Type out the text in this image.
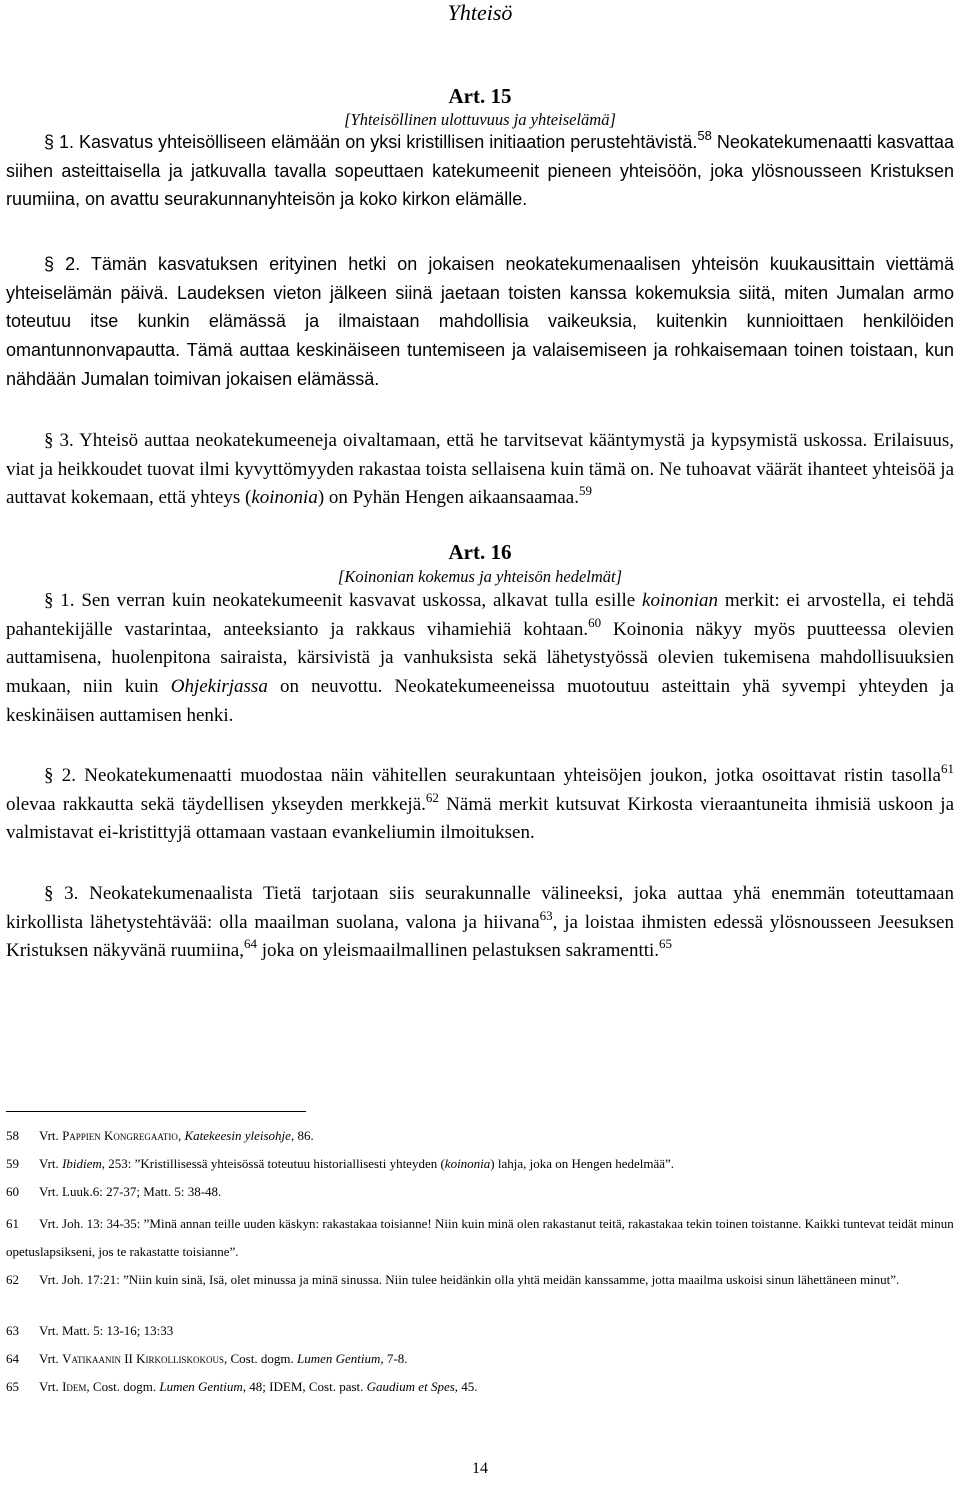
Yhteisö
Art. 15
[Yhteisöllinen ulottuvuus ja yhteiselämä]
§ 1. Kasvatus yhteisölliseen elämään on yksi kristillisen initiaation perustehtävistä.$^{58}$ Neokatekumenaatti kasvattaa siihen asteittaisella ja jatkuvalla tavalla sopeuttaen katekumeenit pieneen yhteisöön, joka ylösnousseen Kristuksen ruumiina, on avattu seurakunnanyhteisön ja koko kirkon elämälle.
§ 2. Tämän kasvatuksen erityinen hetki on jokaisen neokatekumenaalisen yhteisön kuukausittain viettämä yhteiselämän päivä. Laudeksen vieton jälkeen siinä jaetaan toisten kanssa kokemuksia siitä, miten Jumalan armo toteutuu itse kunkin elämässä ja ilmaistaan mahdollisia vaikeuksia, kuitenkin kunnioittaen henkilöiden omantunnonvapautta. Tämä auttaa keskinäiseen tuntemiseen ja valaisemiseen ja rohkaisemaan toinen toistaan, kun nähdään Jumalan toimivan jokaisen elämässä.
§ 3. Yhteisö auttaa neokatekumeeneja oivaltamaan, että he tarvitsevat kääntymystä ja kypsymistä uskossa. Erilaisuus, viat ja heikkoudet tuovat ilmi kyvyttömyyden rakastaa toista sellaisena kuin tämä on. Ne tuhoavat väärät ihanteet yhteisöä ja auttavat kokemaan, että yhteys (koinonia) on Pyhän Hengen aikaansaamaa.$^{59}$
Art. 16
[Koinonian kokemus ja yhteisön hedelmät]
§ 1. Sen verran kuin neokatekumeenit kasvavat uskossa, alkavat tulla esille koinonian merkit: ei arvostella, ei tehdä pahantekijälle vastarintaa, anteeksianto ja rakkaus vihamiehiä kohtaan.$^{60}$ Koinonia näkyy myös puutteessa olevien auttamisena, huolenpitona sairaista, kärsivistä ja vanhuksista sekä lähetystyössä olevien tukemisena mahdollisuuksien mukaan, niin kuin Ohjekirjassa on neuvottu. Neokatekumeeneissa muotoutuu asteittain yhä syvempi yhteyden ja keskinäisen auttamisen henki.
§ 2. Neokatekumenaatti muodostaa näin vähitellen seurakuntaan yhteisöjen joukon, jotka osoittavat ristin tasolla$^{61}$ olevaa rakkautta sekä täydellisen ykseyden merkkejä.$^{62}$ Nämä merkit kutsuvat Kirkosta vieraantuneita ihmisiä uskoon ja valmistavat ei-kristittyjä ottamaan vastaan evankeliumin ilmoituksen.
§ 3. Neokatekumenaalista Tietä tarjotaan siis seurakunnalle välineeksi, joka auttaa yhä enemmän toteuttamaan kirkollista lähetystehtävää: olla maailman suolana, valona ja hiivana$^{63}$, ja loistaa ihmisten edessä ylösnousseen Jeesuksen Kristuksen näkyvänä ruumiina,$^{64}$ joka on yleismaailmallinen pelastuksen sakramentti.$^{65}$
58 Vrt. Pappien Kongregaatio, Katekeesin yleisohje, 86.
59 Vrt. Ibidiem, 253: ”Kristillisessä yhteisössä toteutuu historiallisesti yhteyden (koinonia) lahja, joka on Hengen hedelmää”.
60 Vrt. Luuk.6: 27-37; Matt. 5: 38-48.
61 Vrt. Joh. 13: 34-35: ”Minä annan teille uuden käskyn: rakastakaa toisianne! Niin kuin minä olen rakastanut teitä, rakastakaa tekin toinen toistanne. Kaikki tuntevat teidät minun opetuslapsikseni, jos te rakastatte toisianne”.
62 Vrt. Joh. 17:21: ”Niin kuin sinä, Isä, olet minussa ja minä sinussa. Niin tulee heidänkin olla yhtä meidän kanssamme, jotta maailma uskoisi sinun lähettäneen minut”.
63 Vrt. Matt. 5: 13-16; 13:33
64 Vrt. Vatikaanin II Kirkolliskokous, Cost. dogm. Lumen Gentium, 7-8.
65 Vrt. Idem, Cost. dogm. Lumen Gentium, 48; IDEM, Cost. past. Gaudium et Spes, 45.
14
